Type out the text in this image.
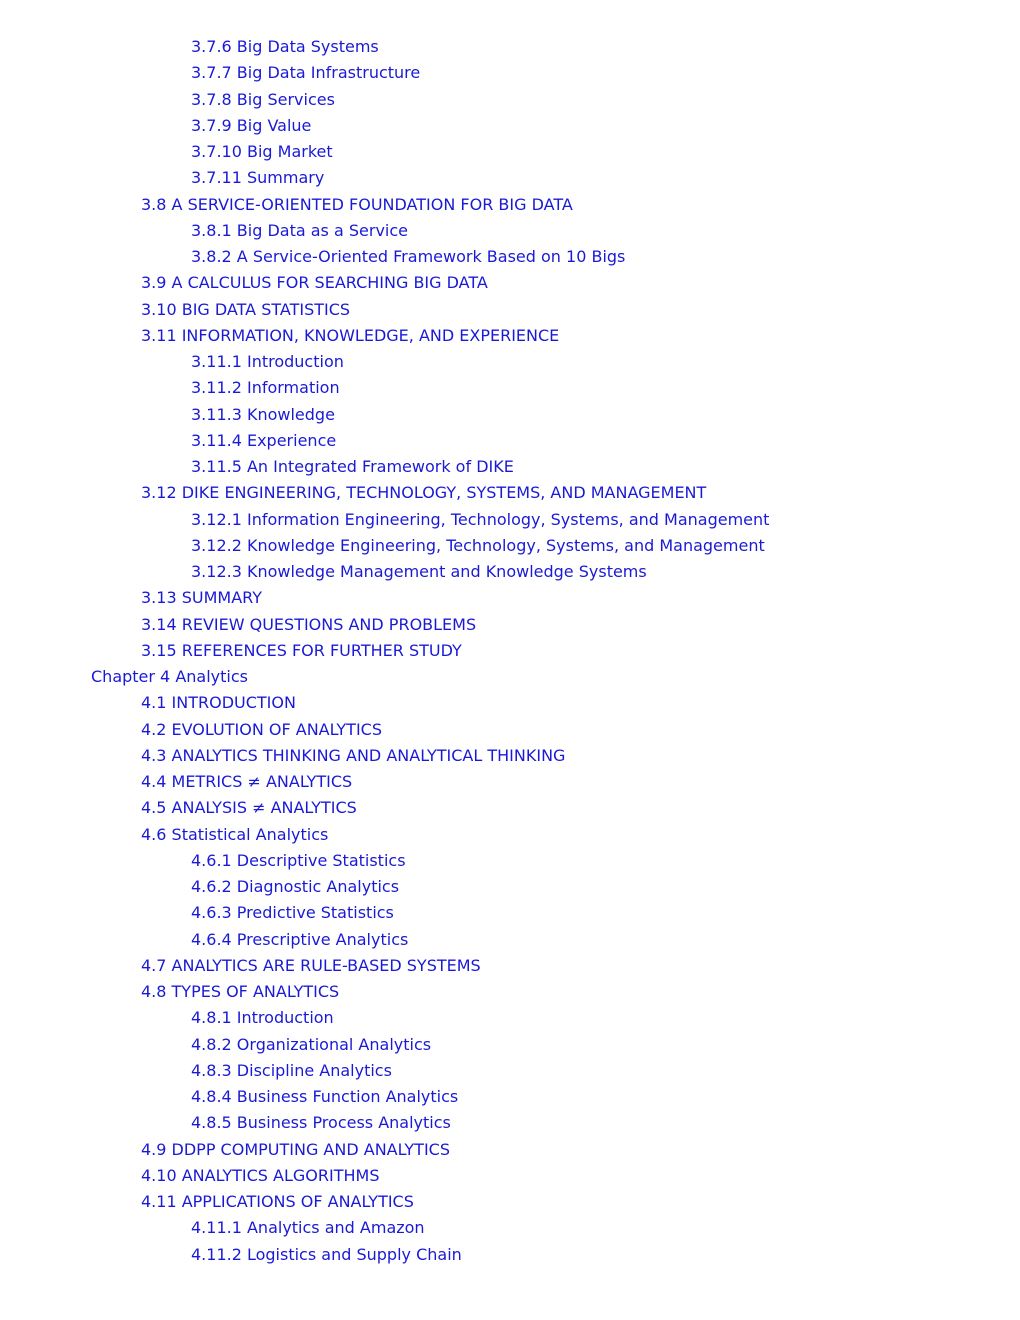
3.7.6 Big Data Systems
3.7.7 Big Data Infrastructure
3.7.8 Big Services
3.7.9 Big Value
3.7.10 Big Market
3.7.11 Summary
3.8 A SERVICE-ORIENTED FOUNDATION FOR BIG DATA
3.8.1 Big Data as a Service
3.8.2 A Service-Oriented Framework Based on 10 Bigs
3.9 A CALCULUS FOR SEARCHING BIG DATA
3.10 BIG DATA STATISTICS
3.11 INFORMATION, KNOWLEDGE, AND EXPERIENCE
3.11.1 Introduction
3.11.2 Information
3.11.3 Knowledge
3.11.4 Experience
3.11.5 An Integrated Framework of DIKE
3.12 DIKE ENGINEERING, TECHNOLOGY, SYSTEMS, AND MANAGEMENT
3.12.1 Information Engineering, Technology, Systems, and Management
3.12.2 Knowledge Engineering, Technology, Systems, and Management
3.12.3 Knowledge Management and Knowledge Systems
3.13 SUMMARY
3.14 REVIEW QUESTIONS AND PROBLEMS
3.15 REFERENCES FOR FURTHER STUDY
Chapter 4 Analytics
4.1 INTRODUCTION
4.2 EVOLUTION OF ANALYTICS
4.3 ANALYTICS THINKING AND ANALYTICAL THINKING
4.4 METRICS ≠ ANALYTICS
4.5 ANALYSIS ≠ ANALYTICS
4.6 Statistical Analytics
4.6.1 Descriptive Statistics
4.6.2 Diagnostic Analytics
4.6.3 Predictive Statistics
4.6.4 Prescriptive Analytics
4.7 ANALYTICS ARE RULE-BASED SYSTEMS
4.8 TYPES OF ANALYTICS
4.8.1 Introduction
4.8.2 Organizational Analytics
4.8.3 Discipline Analytics
4.8.4 Business Function Analytics
4.8.5 Business Process Analytics
4.9 DDPP COMPUTING AND ANALYTICS
4.10 ANALYTICS ALGORITHMS
4.11 APPLICATIONS OF ANALYTICS
4.11.1 Analytics and Amazon
4.11.2 Logistics and Supply Chain
